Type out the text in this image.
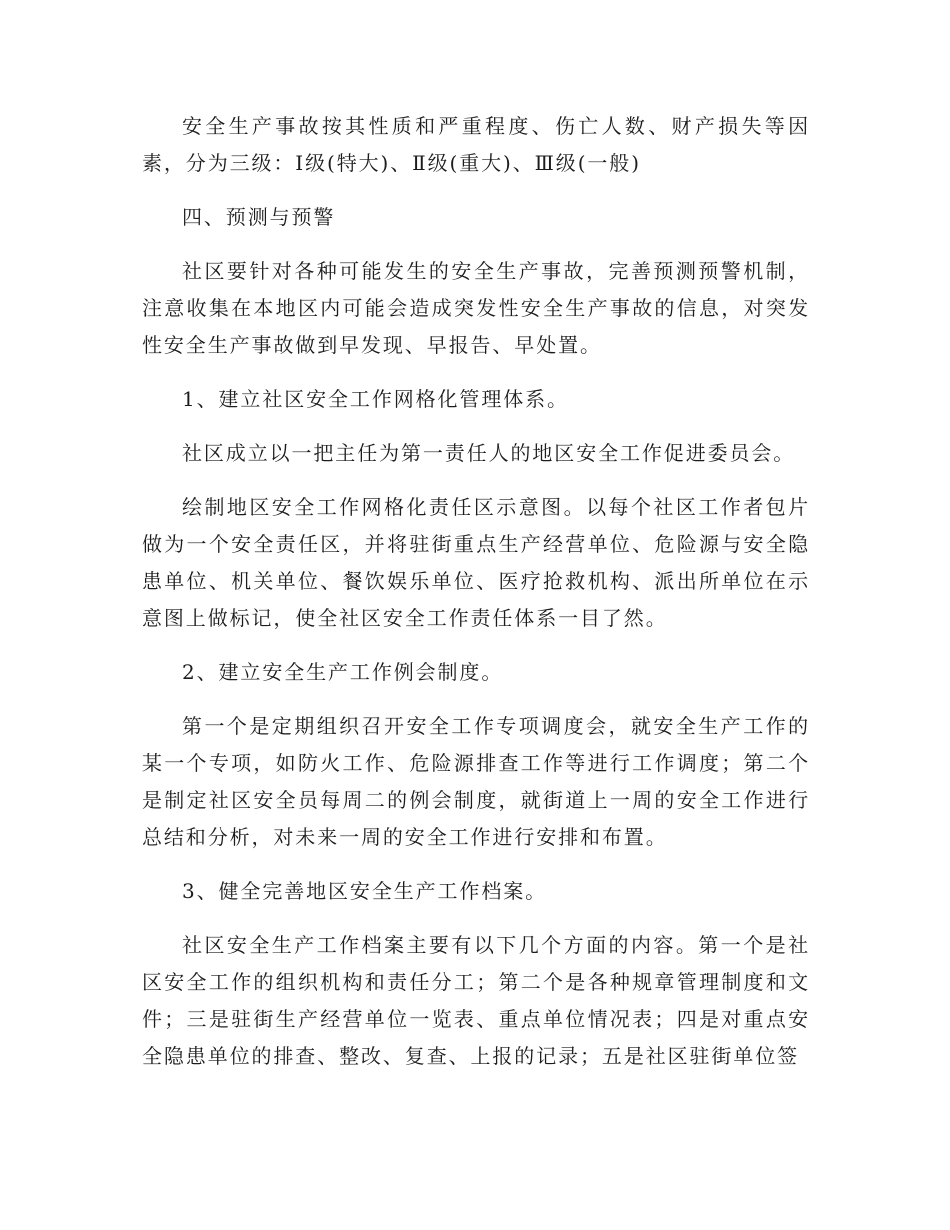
安全生产事故按其性质和严重程度、伤亡人数、财产损失等因素，分为三级：Ⅰ级(特大)、Ⅱ级(重大)、Ⅲ级(一般)

四、预测与预警

社区要针对各种可能发生的安全生产事故，完善预测预警机制，注意收集在本地区内可能会造成突发性安全生产事故的信息，对突发性安全生产事故做到早发现、早报告、早处置。

1、建立社区安全工作网格化管理体系。

社区成立以一把主任为第一责任人的地区安全工作促进委员会。

绘制地区安全工作网格化责任区示意图。以每个社区工作者包片做为一个安全责任区，并将驻街重点生产经营单位、危险源与安全隐患单位、机关单位、餐饮娱乐单位、医疗抢救机构、派出所单位在示意图上做标记，使全社区安全工作责任体系一目了然。

2、建立安全生产工作例会制度。

第一个是定期组织召开安全工作专项调度会，就安全生产工作的某一个专项，如防火工作、危险源排查工作等进行工作调度；第二个是制定社区安全员每周二的例会制度，就街道上一周的安全工作进行总结和分析，对未来一周的安全工作进行安排和布置。

3、健全完善地区安全生产工作档案。

社区安全生产工作档案主要有以下几个方面的内容。第一个是社区安全工作的组织机构和责任分工；第二个是各种规章管理制度和文件；三是驻街生产经营单位一览表、重点单位情况表；四是对重点安全隐患单位的排查、整改、复查、上报的记录；五是社区驻街单位签
